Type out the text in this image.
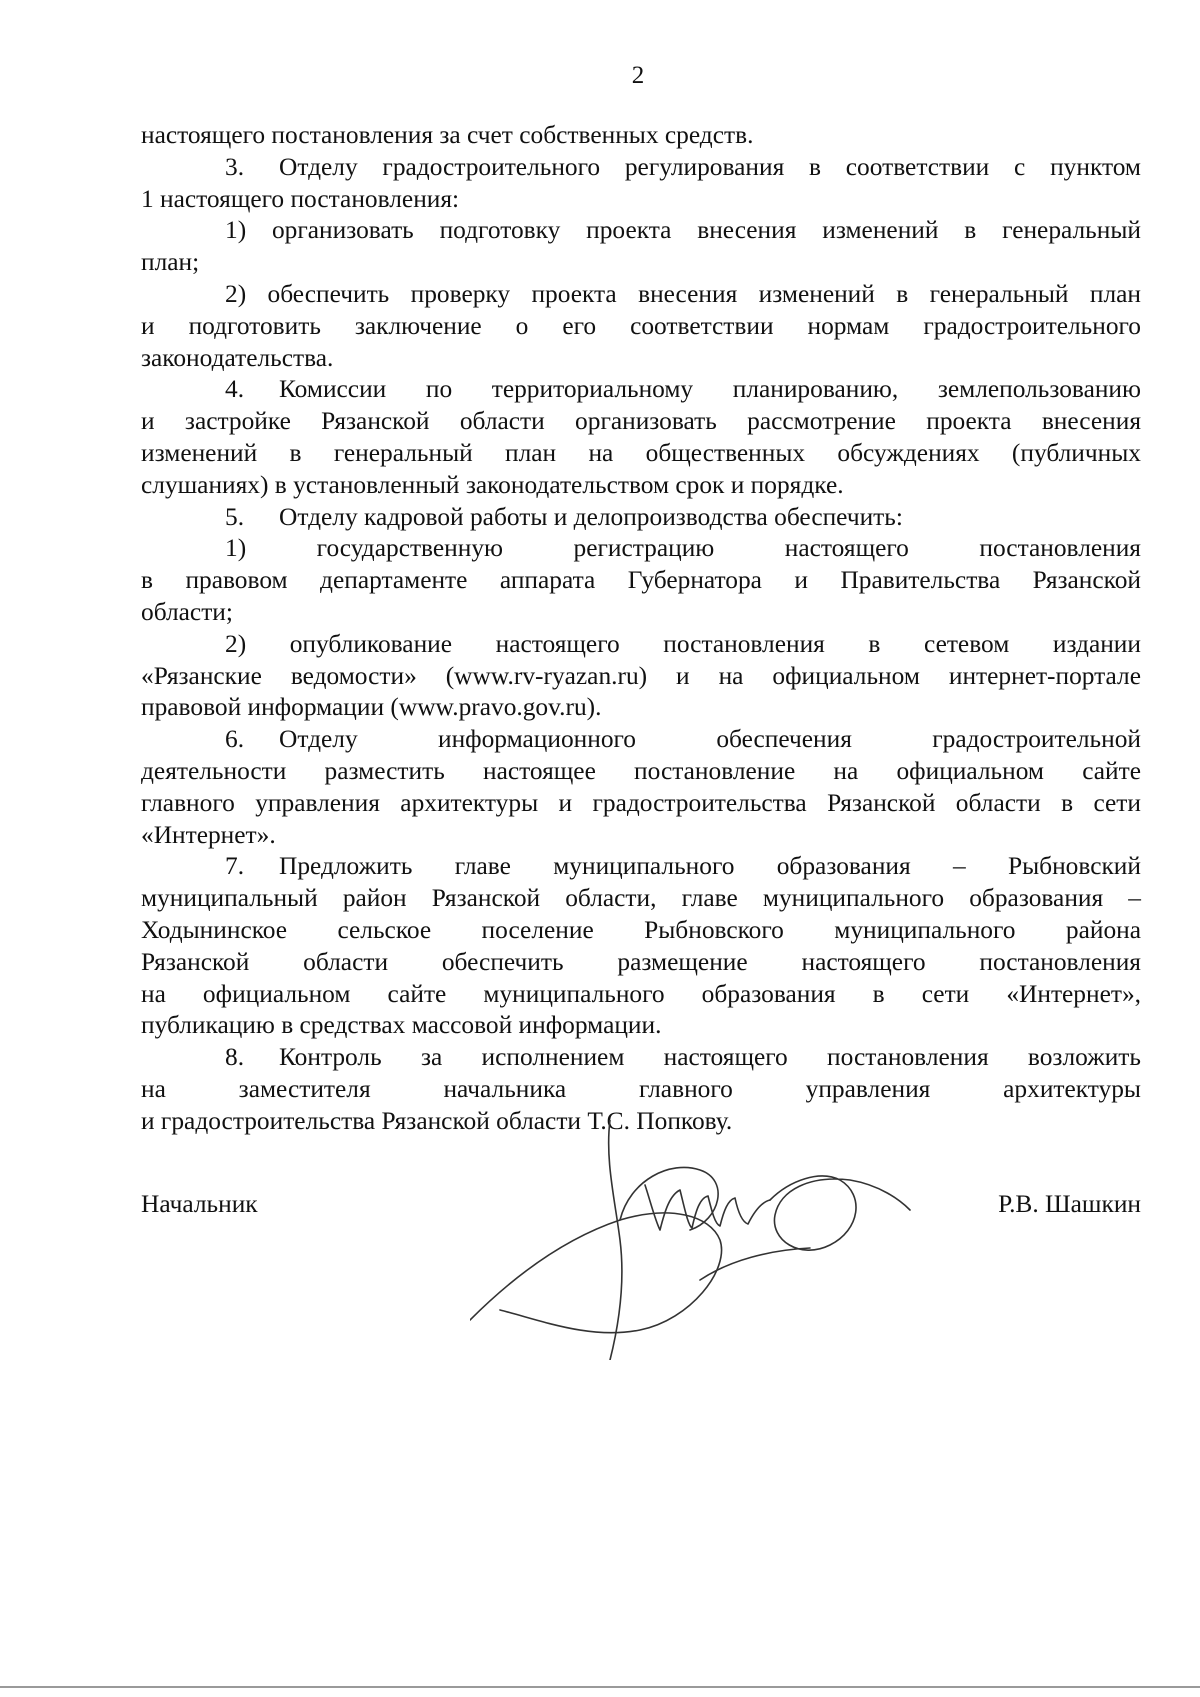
2

настоящего постановления за счет собственных средств.

3. Отделу градостроительного регулирования в соответствии с пунктом

1 настоящего постановления:

1) организовать подготовку проекта внесения изменений в генеральный

план;

2) обеспечить проверку проекта внесения изменений в генеральный план

и подготовить заключение о его соответствии нормам градостроительного

законодательства.

4. Комиссии по территориальному планированию, землепользованию

и застройке Рязанской области организовать рассмотрение проекта внесения

изменений в генеральный план на общественных обсуждениях (публичных

слушаниях) в установленный законодательством срок и порядке.

5. Отделу кадровой работы и делопроизводства обеспечить:

1) государственную регистрацию настоящего постановления

в правовом департаменте аппарата Губернатора и Правительства Рязанской

области;

2) опубликование настоящего постановления в сетевом издании

«Рязанские ведомости» (www.rv-ryazan.ru) и на официальном интернет-портале

правовой информации (www.pravo.gov.ru).

6. Отделу информационного обеспечения градостроительной

деятельности разместить настоящее постановление на официальном сайте

главного управления архитектуры и градостроительства Рязанской области в сети

«Интернет».

7. Предложить главе муниципального образования – Рыбновский

муниципальный район Рязанской области, главе муниципального образования –

Ходынинское сельское поселение Рыбновского муниципального района

Рязанской области обеспечить размещение настоящего постановления

на официальном сайте муниципального образования в сети «Интернет»,

публикацию в средствах массовой информации.

8. Контроль за исполнением настоящего постановления возложить

на заместителя начальника главного управления архитектуры

и градостроительства Рязанской области Т.С. Попкову.

Начальник	Р.В. Шашкин
